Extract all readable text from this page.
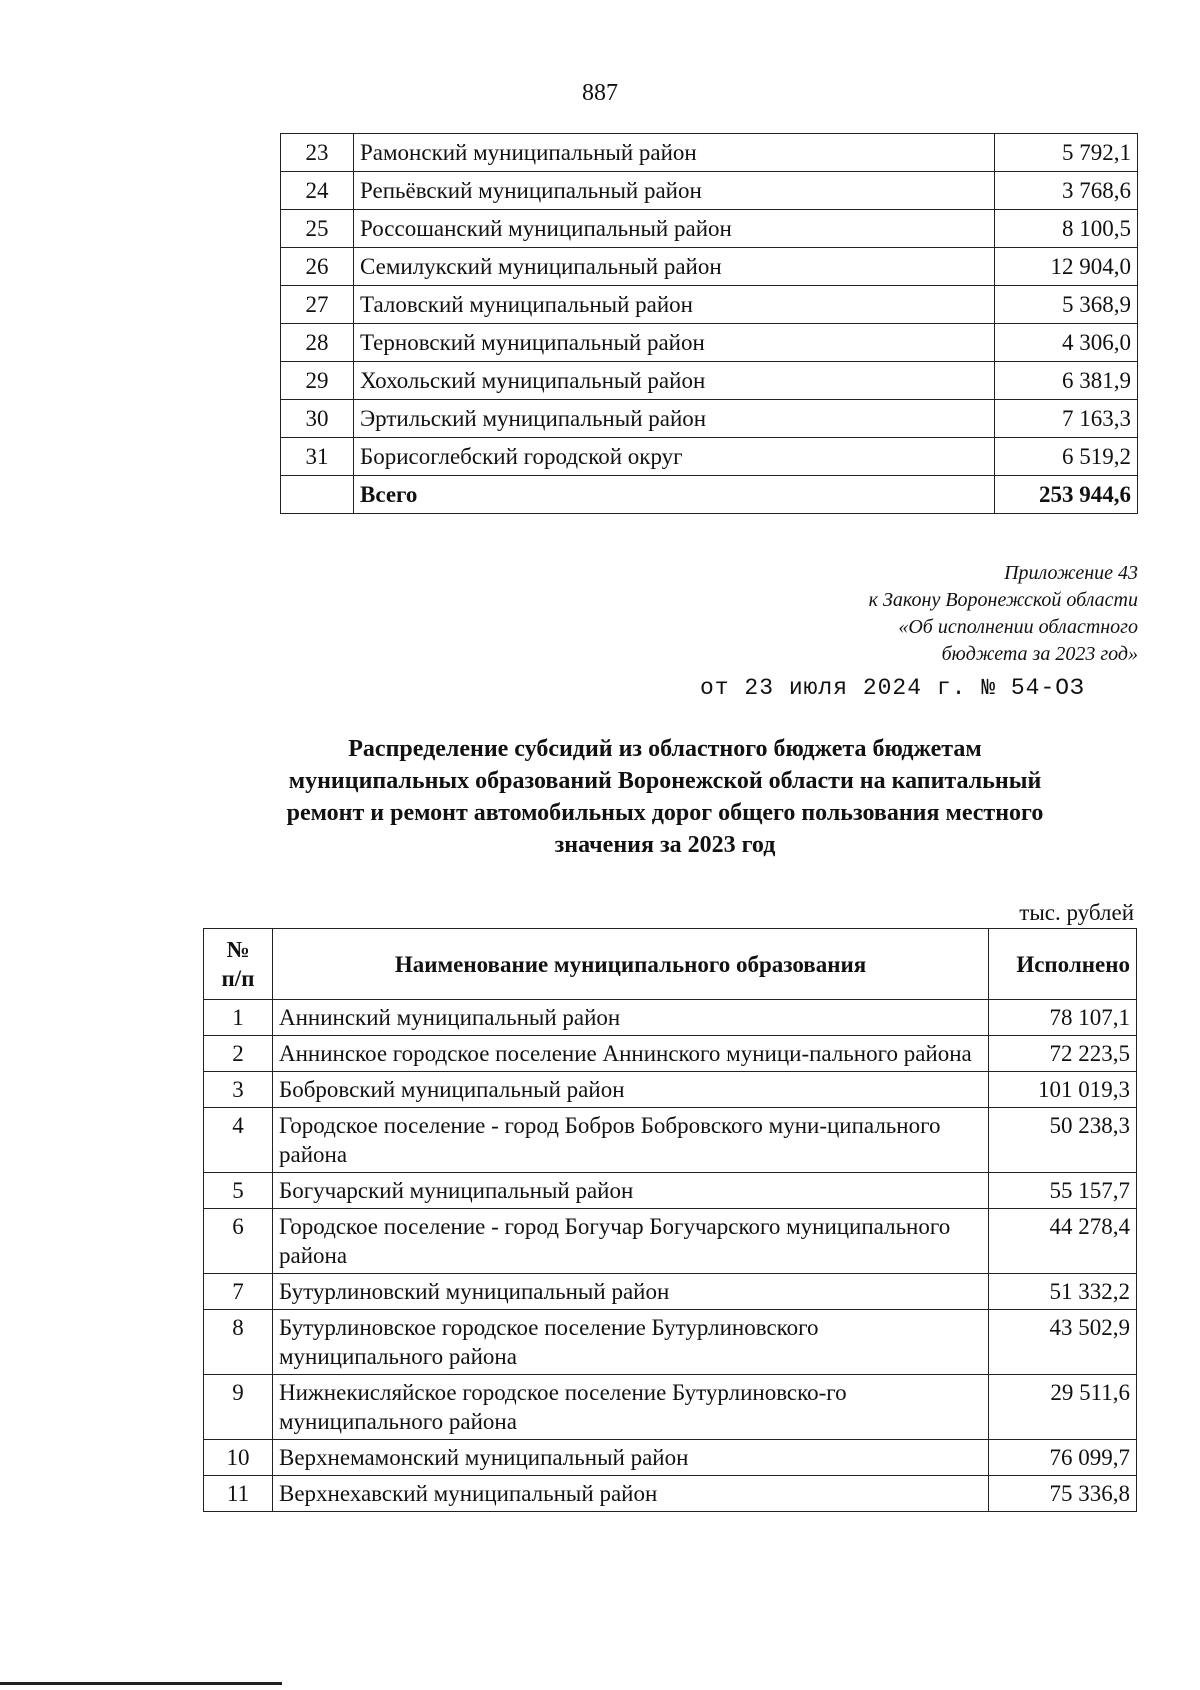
887
23	Рамонский муниципальный район	5 792,1
24	Репьёвский муниципальный район	3 768,6
25	Россошанский муниципальный район	8 100,5
26	Семилукский муниципальный район	12 904,0
27	Таловский муниципальный район	5 368,9
28	Терновский муниципальный район	4 306,0
29	Хохольский муниципальный район	6 381,9
30	Эртильский муниципальный район	7 163,3
31	Борисоглебский городской округ	6 519,2
	Всего	253 944,6
Приложение 43
к Закону Воронежской области
«Об исполнении областного
бюджета за 2023 год»
от 23 июля 2024 г. № 54-ОЗ
Распределение субсидий из областного бюджета бюджетам
муниципальных образований Воронежской области на капитальный
ремонт и ремонт автомобильных дорог общего пользования местного
значения за 2023 год
тыс. рублей
№
п/п	Наименование муниципального образования	Исполнено
1	Аннинский муниципальный район	78 107,1
2	Аннинское городское поселение Аннинского муници-пального района	72 223,5
3	Бобровский муниципальный район	101 019,3
4	Городское поселение - город Бобров Бобровского муни-ципального района	50 238,3
5	Богучарский муниципальный район	55 157,7
6	Городское поселение - город Богучар Богучарского муниципального района	44 278,4
7	Бутурлиновский муниципальный район	51 332,2
8	Бутурлиновское городское поселение Бутурлиновского муниципального района	43 502,9
9	Нижнекисляйское городское поселение Бутурлиновско-го муниципального района	29 511,6
10	Верхнемамонский муниципальный район	76 099,7
11	Верхнехавский муниципальный район	75 336,8
